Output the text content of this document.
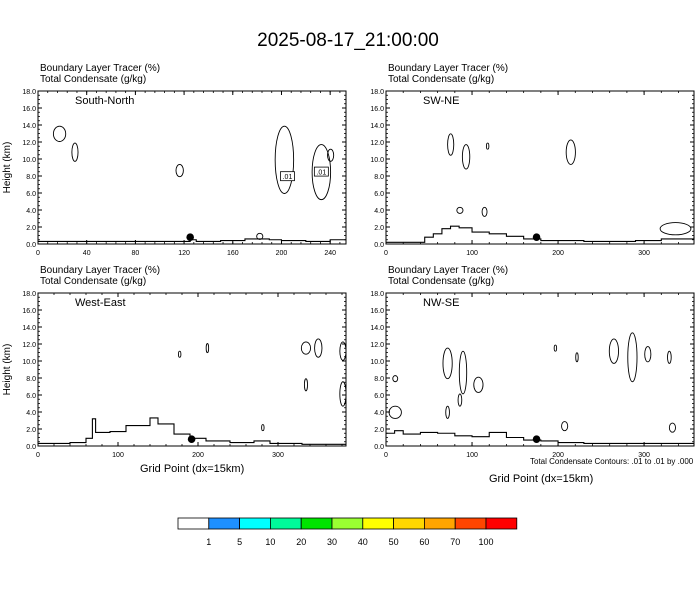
2025-08-17_21:00:00
Boundary Layer Tracer (%)
Total Condensate (g/kg)
Boundary Layer Tracer (%)
Total Condensate (g/kg)
Boundary Layer Tracer (%)
Total Condensate (g/kg)
Boundary Layer Tracer (%)
Total Condensate (g/kg)
0.0
2.0
4.0
6.0
8.0
10.0
12.0
14.0
16.0
18.0
0	40	80	120	160	200	240
Height (km)
South-North
.01
.01
0.0
2.0
4.0
6.0
8.0
10.0
12.0
14.0
16.0
18.0
0	100	200	300
SW-NE
0.0
2.0
4.0
6.0
8.0
10.0
12.0
14.0
16.0
18.0
0	100	200	300
Height (km)
West-East
0.0
2.0
4.0
6.0
8.0
10.0
12.0
14.0
16.0
18.0
0	100	200	300
NW-SE
1	5	10 20 30 40 50 60 70 100
Total Condensate Contours: .01 to .01 by .000
Grid Point (dx=15km)
Grid Point (dx=15km)
